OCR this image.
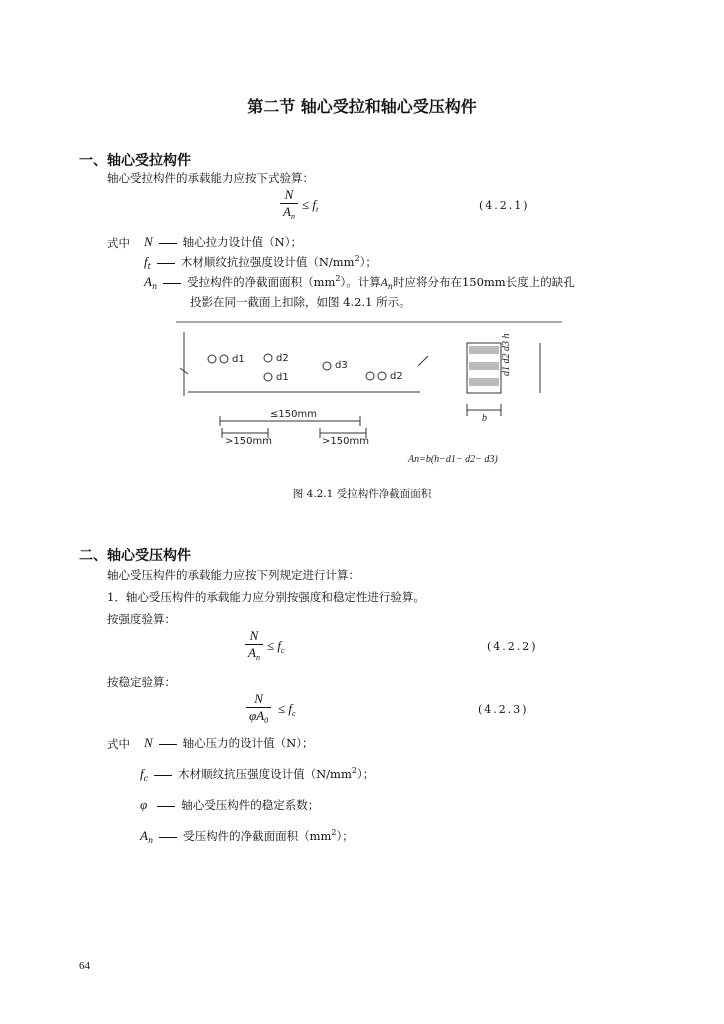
第二节 轴心受拉和轴心受压构件
一、轴心受拉构件
轴心受拉构件的承载能力应按下式验算：
N
$A_n$
≤ $f_t$	(4.2.1)
式中 N	轴心拉力设计值（N）；
$f_t$	木材顺纹抗拉强度设计值$(N/mm^2)$；
$A_n$	受拉构件的净截面面积$(mm^2)$。计算$A_n$时应将分布在150mm长度上的缺孔
投影在同一截面上扣除，如图 4.2.1 所示。
d1	d2
d1
d3
d2
≤150mm
>150mm	>150mm
b
d1 d2 d3 h
An=b(h−d1− d2− d3)
图 4.2.1 受拉构件净截面面积
二、轴心受压构件
轴心受压构件的承载能力应按下列规定进行计算：
1．轴心受压构件的承载能力应分别按强度和稳定性进行验算。
按强度验算：
N
$A_n$
≤ $f_c$	(4.2.2)
按稳定验算：
N
$\varphi A_0$
≤ $f_c$	(4.2.3)
式中 N	轴心压力的设计值（N）；
$f_c$	木材顺纹抗压强度设计值$(N/mm^2)$；
φ	轴心受压构件的稳定系数；
$A_n$	受压构件的净截面面积$(mm^2)$；
64
